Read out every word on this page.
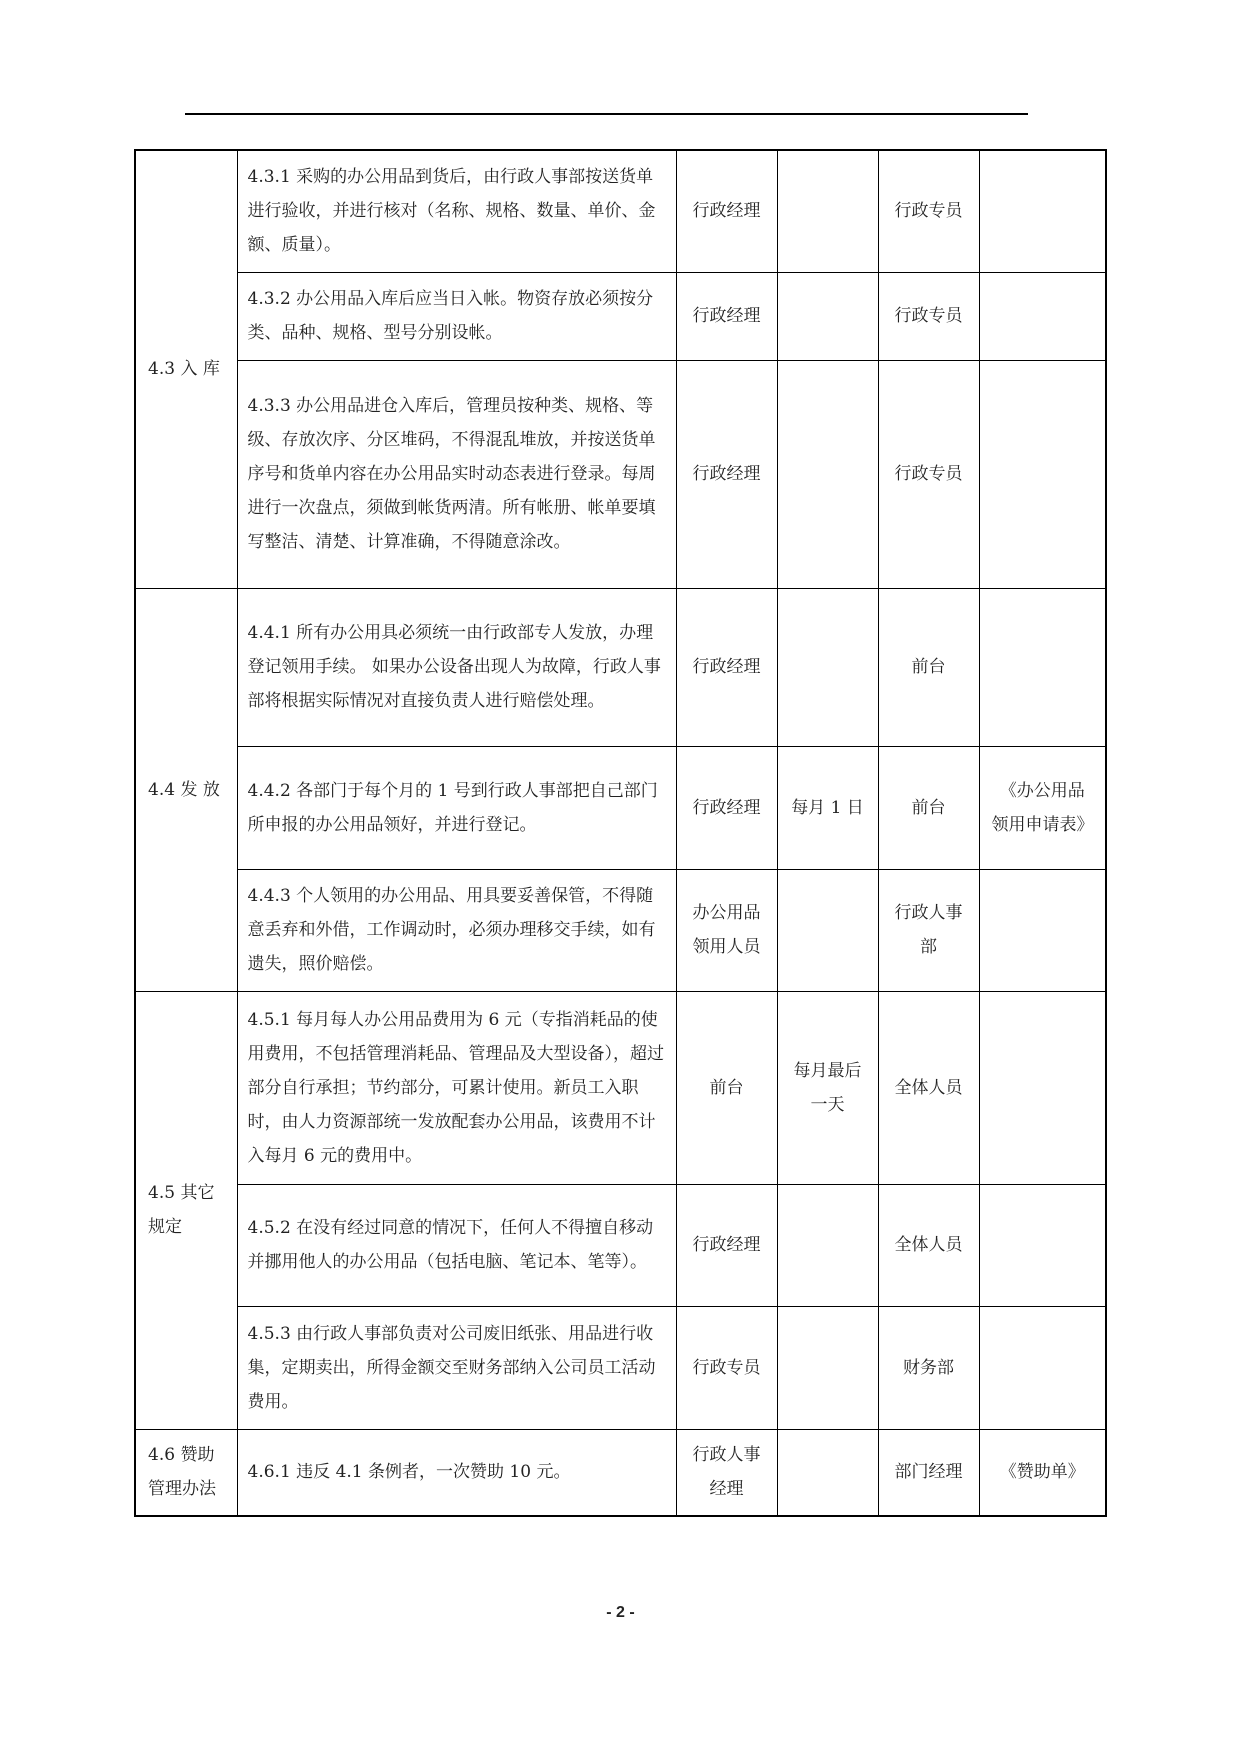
4.3 入 库	4.3.1 采购的办公用品到货后，由行政人事部按送货单进行验收，并进行核对（名称、规格、数量、单价、金额、质量）。	行政经理		行政专员	
	4.3.2 办公用品入库后应当日入帐。物资存放必须按分类、品种、规格、型号分别设帐。	行政经理		行政专员	
	4.3.3 办公用品进仓入库后，管理员按种类、规格、等级、存放次序、分区堆码，不得混乱堆放，并按送货单序号和货单内容在办公用品实时动态表进行登录。每周进行一次盘点，须做到帐货两清。所有帐册、帐单要填写整洁、清楚、计算准确，不得随意涂改。	行政经理		行政专员	
4.4 发 放	4.4.1 所有办公用具必须统一由行政部专人发放，办理登记领用手续。 如果办公设备出现人为故障，行政人事部将根据实际情况对直接负责人进行赔偿处理。	行政经理		前台	
	4.4.2 各部门于每个月的 1 号到行政人事部把自己部门所申报的办公用品领好，并进行登记。	行政经理	每月 1 日	前台	《办公用品领用申请表》
	4.4.3 个人领用的办公用品、用具要妥善保管，不得随意丢弃和外借，工作调动时，必须办理移交手续，如有遗失，照价赔偿。	办公用品领用人员		行政人事部	
4.5 其它规定	4.5.1 每月每人办公用品费用为 6 元（专指消耗品的使用费用，不包括管理消耗品、管理品及大型设备），超过部分自行承担；节约部分，可累计使用。新员工入职时，由人力资源部统一发放配套办公用品，该费用不计入每月 6 元的费用中。	前台	每月最后一天	全体人员	
	4.5.2 在没有经过同意的情况下，任何人不得擅自移动并挪用他人的办公用品（包括电脑、笔记本、笔等）。	行政经理		全体人员	
	4.5.3 由行政人事部负责对公司废旧纸张、用品进行收集，定期卖出，所得金额交至财务部纳入公司员工活动费用。	行政专员		财务部	
4.6 赞助管理办法	4.6.1 违反 4.1 条例者，一次赞助 10 元。	行政人事经理		部门经理	《赞助单》
- 2 -
